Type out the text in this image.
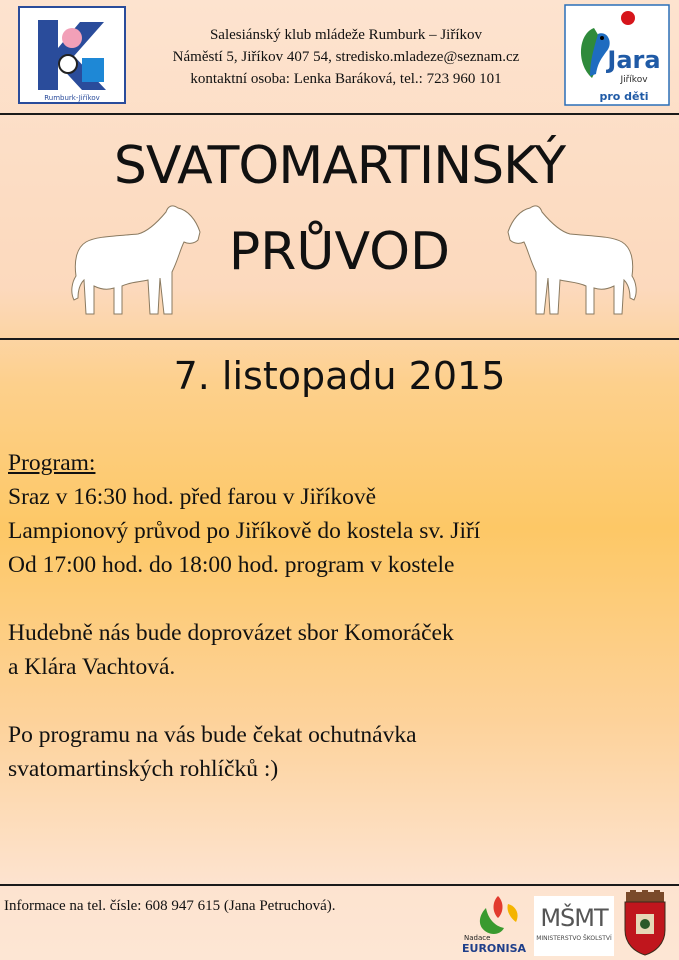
Rumburk-Jiříkov
Jara
Jiříkov
pro děti
Salesiánský klub mládeže Rumburk – Jiříkov
Náměstí 5, Jiříkov 407 54, stredisko.mladeze@seznam.cz
kontaktní osoba: Lenka Baráková, tel.: 723 960 101
SVATOMARTINSKÝ
PRŮVOD
7. listopadu 2015
Program:
Sraz v 16:30 hod. před farou v Jiříkově
Lampionový průvod po Jiříkově do kostela sv. Jiří
Od 17:00 hod. do 18:00 hod. program v kostele
Hudebně nás bude doprovázet sbor Komoráček
a Klára Vachtová.
Po programu na vás bude čekat ochutnávka
svatomartinských rohlíčků :)
Informace na tel. čísle: 608 947 615 (Jana Petruchová).
Nadace
EURONISA
MŠMT
MINISTERSTVO ŠKOLSTVÍ
